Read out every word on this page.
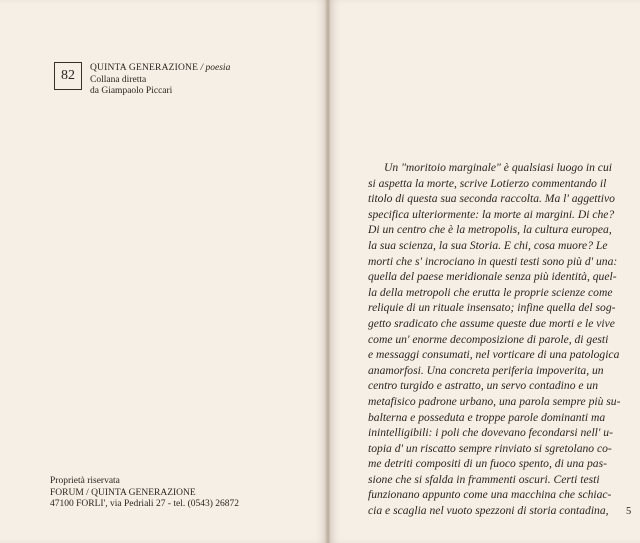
82	QUINTA GENERAZIONE / poesia
Collana diretta
da Giampaolo Piccari
Proprietà riservata
FORUM / QUINTA GENERAZIONE
47100 FORLI', via Pedriali 27 - tel. (0543) 26872
Un "moritoio marginale" è qualsiasi luogo in cui
si aspetta la morte, scrive Lotierzo commentando il
titolo di questa sua seconda raccolta. Ma l' aggettivo
specifica ulteriormente: la morte ai margini. Di che?
Di un centro che è la metropolis, la cultura europea,
la sua scienza, la sua Storia. E chi, cosa muore? Le
morti che s' incrociano in questi testi sono più d' una:
quella del paese meridionale senza più identità, quel-
la della metropoli che erutta le proprie scienze come
reliquie di un rituale insensato; infine quella del sog-
getto sradicato che assume queste due morti e le vive
come un' enorme decomposizione di parole, di gesti
e messaggi consumati, nel vorticare di una patologica
anamorfosi. Una concreta periferia impoverita, un
centro turgido e astratto, un servo contadino e un
metafisico padrone urbano, una parola sempre più su-
balterna e posseduta e troppe parole dominanti ma
inintelligibili: i poli che dovevano fecondarsi nell' u-
topia d' un riscatto sempre rinviato si sgretolano co-
me detriti compositi di un fuoco spento, di una pas-
sione che si sfalda in frammenti oscuri. Certi testi
funzionano appunto come una macchina che schiac-
cia e scaglia nel vuoto spezzoni di storia contadina,	5
